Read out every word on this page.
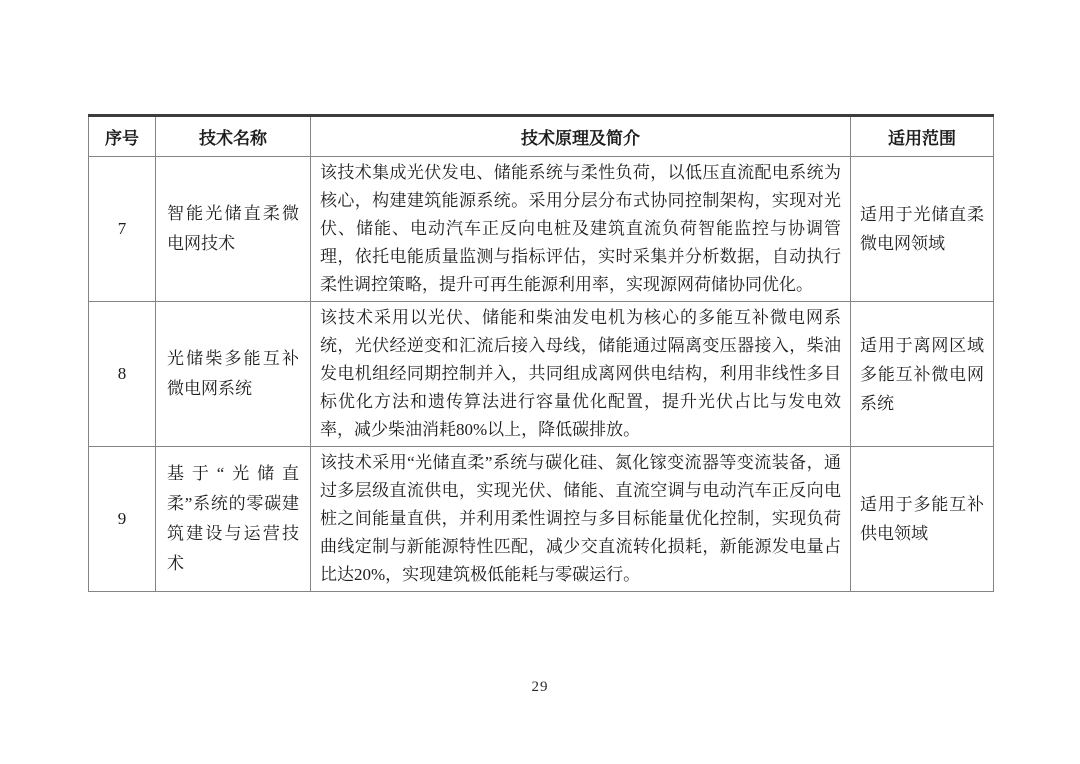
序号	技术名称	技术原理及简介	适用范围
7	智能光储直柔微电网技术	该技术集成光伏发电、储能系统与柔性负荷，以低压直流配电系统为核心，构建建筑能源系统。采用分层分布式协同控制架构，实现对光伏、储能、电动汽车正反向电桩及建筑直流负荷智能监控与协调管理，依托电能质量监测与指标评估，实时采集并分析数据，自动执行柔性调控策略，提升可再生能源利用率，实现源网荷储协同优化。	适用于光储直柔微电网领域
8	光储柴多能互补微电网系统	该技术采用以光伏、储能和柴油发电机为核心的多能互补微电网系统，光伏经逆变和汇流后接入母线，储能通过隔离变压器接入，柴油发电机组经同期控制并入，共同组成离网供电结构，利用非线性多目标优化方法和遗传算法进行容量优化配置，提升光伏占比与发电效率，减少柴油消耗80%以上，降低碳排放。	适用于离网区域多能互补微电网系统
9	基于“光储直柔”系统的零碳建筑建设与运营技术	该技术采用“光储直柔”系统与碳化硅、氮化镓变流器等变流装备，通过多层级直流供电，实现光伏、储能、直流空调与电动汽车正反向电桩之间能量直供，并利用柔性调控与多目标能量优化控制，实现负荷曲线定制与新能源特性匹配，减少交直流转化损耗，新能源发电量占比达20%，实现建筑极低能耗与零碳运行。	适用于多能互补供电领域
29
